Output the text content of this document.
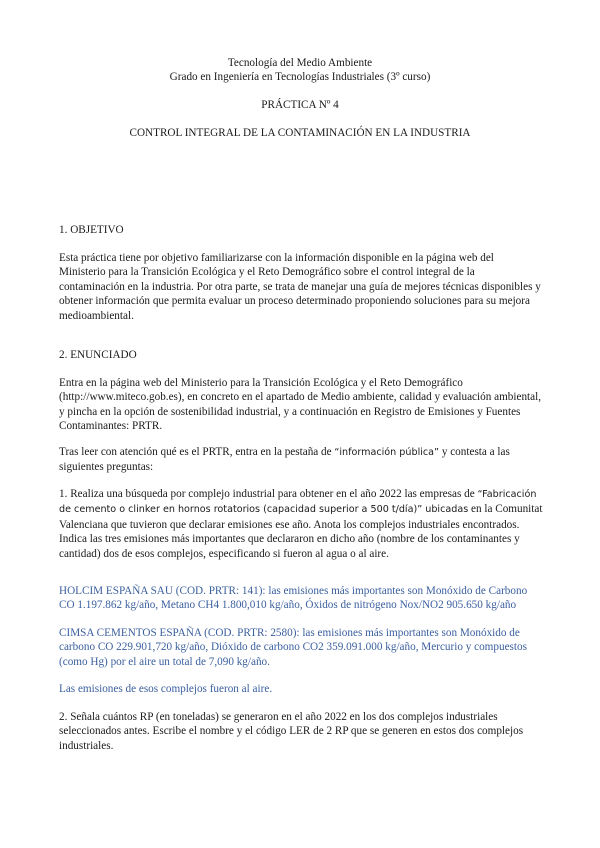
Tecnología del Medio Ambiente
Grado en Ingeniería en Tecnologías Industriales (3º curso)
PRÁCTICA Nº 4
CONTROL INTEGRAL DE LA CONTAMINACIÓN EN LA INDUSTRIA
1. OBJETIVO
Esta práctica tiene por objetivo familiarizarse con la información disponible en la página web del Ministerio para la Transición Ecológica y el Reto Demográfico sobre el control integral de la contaminación en la industria. Por otra parte, se trata de manejar una guía de mejores técnicas disponibles y obtener información que permita evaluar un proceso determinado proponiendo soluciones para su mejora medioambiental.
2. ENUNCIADO
Entra en la página web del Ministerio para la Transición Ecológica y el Reto Demográfico (http://www.miteco.gob.es), en concreto en el apartado de Medio ambiente, calidad y evaluación ambiental, y pincha en la opción de sostenibilidad industrial, y a continuación en Registro de Emisiones y Fuentes Contaminantes: PRTR.
Tras leer con atención qué es el PRTR, entra en la pestaña de “información pública” y contesta a las siguientes preguntas:
1. Realiza una búsqueda por complejo industrial para obtener en el año 2022 las empresas de “Fabricación de cemento o clinker en hornos rotatorios (capacidad superior a 500 t/día)” ubicadas en la Comunitat Valenciana que tuvieron que declarar emisiones ese año. Anota los complejos industriales encontrados. Indica las tres emisiones más importantes que declararon en dicho año (nombre de los contaminantes y cantidad) dos de esos complejos, especificando si fueron al agua o al aire.
HOLCIM ESPAÑA SAU (COD. PRTR: 141): las emisiones más importantes son Monóxido de Carbono CO 1.197.862 kg/año, Metano CH4 1.800,010 kg/año, Óxidos de nitrógeno Nox/NO2 905.650 kg/año
CIMSA CEMENTOS ESPAÑA (COD. PRTR: 2580): las emisiones más importantes son Monóxido de carbono CO 229.901,720 kg/año, Dióxido de carbono CO2 359.091.000 kg/año, Mercurio y compuestos (como Hg) por el aire un total de 7,090 kg/año.
Las emisiones de esos complejos fueron al aire.
2. Señala cuántos RP (en toneladas) se generaron en el año 2022 en los dos complejos industriales seleccionados antes. Escribe el nombre y el código LER de 2 RP que se generen en estos dos complejos industriales.
